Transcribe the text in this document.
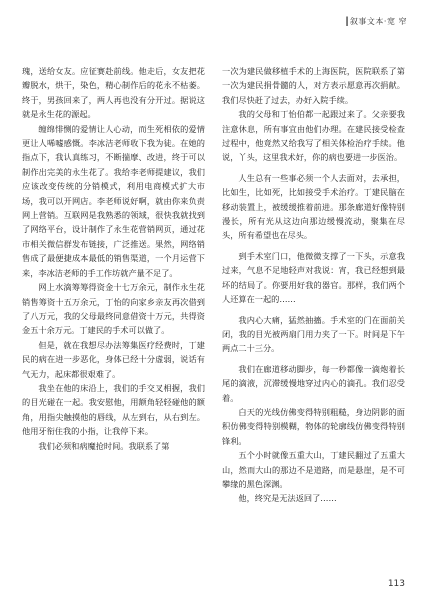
┃叙事文本·宽 窄

瑰，送给女友。应征赛赴前线。他走后，女友把花瓣脱水，烘干，染色，精心制作后的花永不枯萎。终于，男孩回来了，两人再也没有分开过。据说这就是永生花的源起。

缠绵悱恻的爱情让人心动，而生死相依的爱情更让人唏嘘感慨。李冰洁老师收下我为徒。在她的指点下，我认真练习，不断揣摩、改进，终于可以制作出完美的永生花了。我给李老师提建议，我们应该改变传统的分销模式，利用电商模式扩大市场，我可以开网店。李老师说好啊，就由你来负责网上营销。互联网是我熟悉的领域，很快我就找到了网络平台，设计制作了永生花营销网页，通过花市相关微信群发布链接，广泛推送。果然，网络销售成了最便捷成本最低的销售渠道，一个月运营下来，李冰洁老师的手工作坊就产量不足了。

网上水滴筹筹得资金十七万余元，制作永生花销售筹资十五万余元，丁怡的向家乡亲友再次借到了八万元，我的父母最终同意借资十万元，共得资金五十余万元。丁建民的手术可以做了。

但是，就在我想尽办法筹集医疗经费时，丁建民的病在进一步恶化，身体已经十分虚弱，说话有气无力，起床都很艰难了。

我坐在他的床沿上，我们的手交叉相握，我们的目光碰在一起。我安慰他，用额角轻轻碰他的额角，用指尖触摸他的唇线，从左到右，从右到左。他用牙衔住我的小指，让我停下来。

我们必须和病魔抢时间。我联系了第

一次为建民做移植手术的上海医院，医院联系了第一次为建民捐骨髓的人，对方表示愿意再次捐献。我们尽快赶了过去，办好入院手续。

我的父母和丁怡伯都一起跟过来了。父亲要我注意休息，所有事宜由他们办理。在建民接受检查过程中，他竟然又给我写了相关体检治疗手续。他说，丫头，这里我术好，你的病也要进一步医治。

人生总有一些事必须一个人去面对，去承担，比如生，比如死，比如接受手术治疗。丁建民脑在移动装置上，被缓缓推着前进。那条廊道好像特别漫长，所有光从这边向那边缓慢流动，聚集在尽头，所有希望也在尽头。

到手术室门口，他微微支撑了一下头，示意我过来，气息不足地轻声对我说：宵，我已经想到最坏的结局了。你要用好我的器官。那样，我们两个人还算在一起的……

我内心大痛，猛然抽搐。手术室的门在面前关闭，我的目光被两扇门用力夹了一下。时间是下午两点二十三分。

我们在廊道移动脚步，每一秒都像一滴炮着长尾的滴液，沉滞缓慢地穿过内心的滴孔。我们忍受着。

白天的光线仿佛变得特别粗糙，身边阴影的面积仿佛变得特别模糊，物体的轮廓线仿佛变得特别锋利。

五个小时就像五重大山，丁建民翻过了五重大山，然而大山的那边不是道路，而是悬崖，是不可攀缘的黑色深渊。

他，终究是无法返回了……

113
